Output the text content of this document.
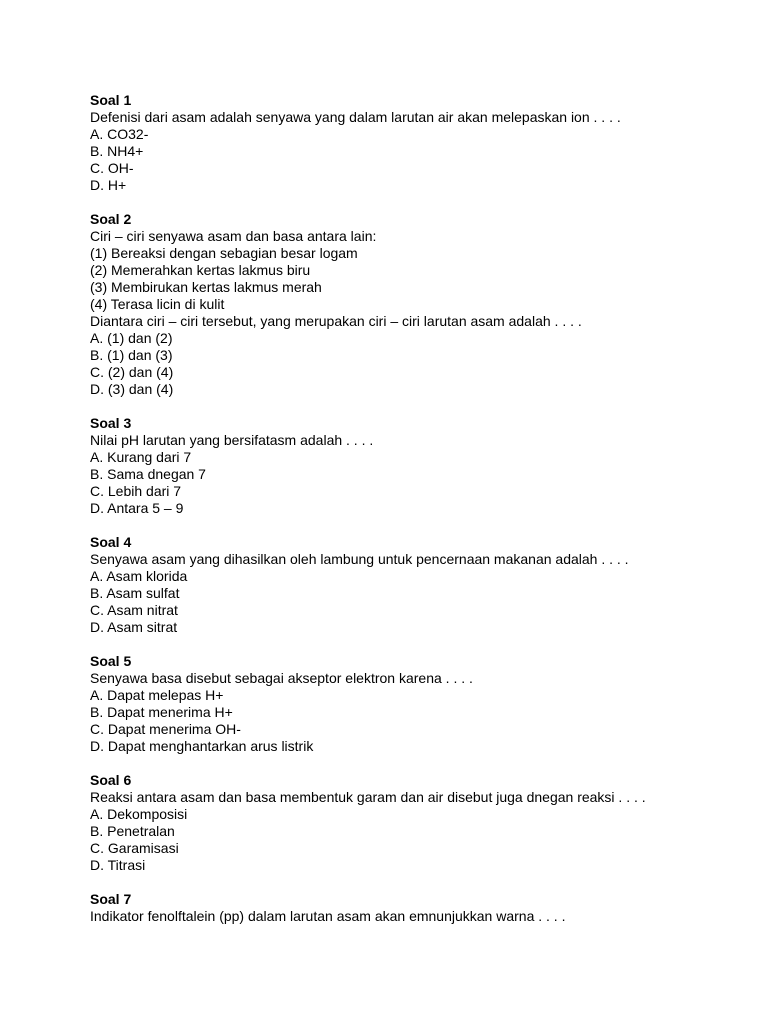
Soal 1
Defenisi dari asam adalah senyawa yang dalam larutan air akan melepaskan ion . . . .
A. CO32-
B. NH4+
C. OH-
D. H+
Soal 2
Ciri – ciri senyawa asam dan basa antara lain:
(1) Bereaksi dengan sebagian besar logam
(2) Memerahkan kertas lakmus biru
(3) Membirukan kertas lakmus merah
(4) Terasa licin di kulit
Diantara ciri – ciri tersebut, yang merupakan ciri – ciri larutan asam adalah . . . .
A. (1) dan (2)
B. (1) dan (3)
C. (2) dan (4)
D. (3) dan (4)
Soal 3
Nilai pH larutan yang bersifatasm adalah . . . .
A. Kurang dari 7
B. Sama dnegan 7
C. Lebih dari 7
D. Antara 5 – 9
Soal 4
Senyawa asam yang dihasilkan oleh lambung untuk pencernaan makanan adalah . . . .
A. Asam klorida
B. Asam sulfat
C. Asam nitrat
D. Asam sitrat
Soal 5
Senyawa basa disebut sebagai akseptor elektron karena . . . .
A. Dapat melepas H+
B. Dapat menerima H+
C. Dapat menerima OH-
D. Dapat menghantarkan arus listrik
Soal 6
Reaksi antara asam dan basa membentuk garam dan air disebut juga dnegan reaksi . . . .
A. Dekomposisi
B. Penetralan
C. Garamisasi
D. Titrasi
Soal 7
Indikator fenolftalein (pp) dalam larutan asam akan emnunjukkan warna . . . .
